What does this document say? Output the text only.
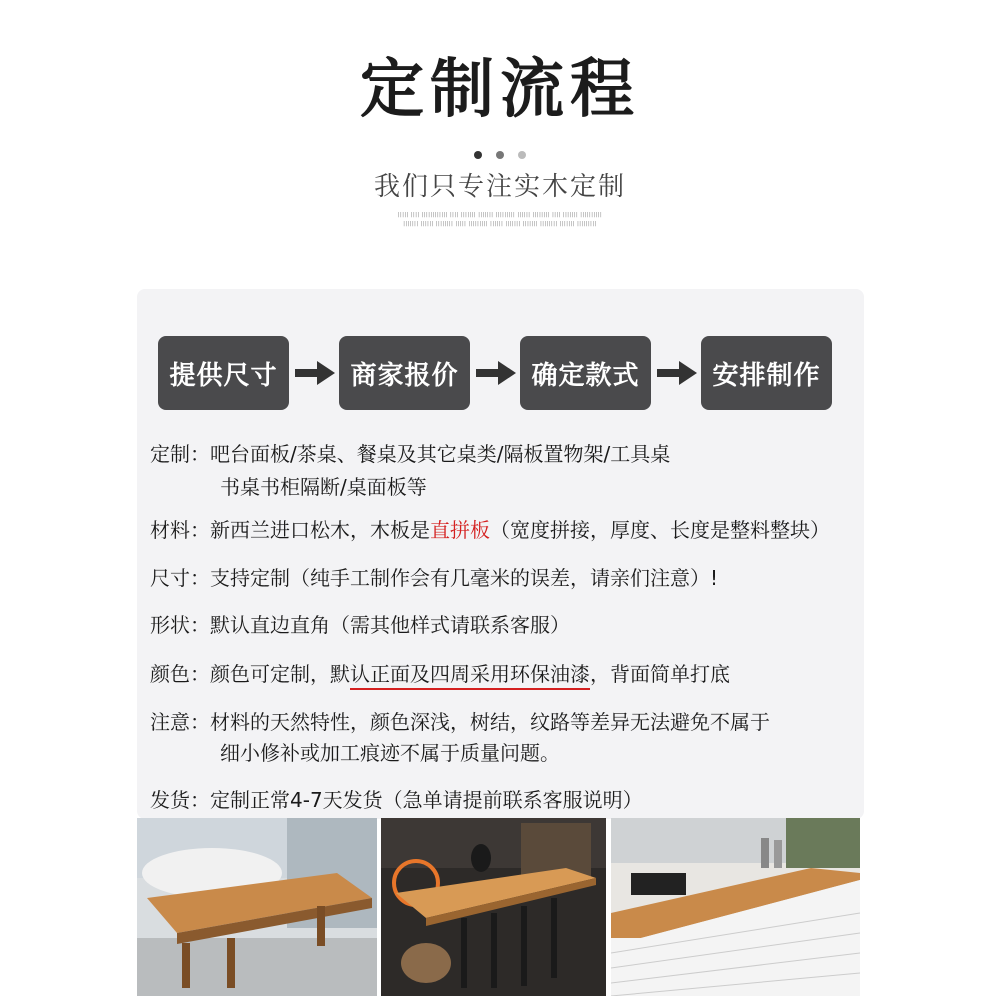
定制流程
我们只专注实木定制
||||| |||| |||||||||||| |||| ||||||| ||||||| ||||||||| |||||| |||||||| |||| ||||||| ||||||||||
||||||| |||||| |||||||| ||||| ||||||||| |||||| ||||||| ||||||| |||||||| ||||||| |||||||||
提供尺寸	商家报价	确定款式	安排制作
定制：吧台面板/茶桌、餐桌及其它桌类/隔板置物架/工具桌
书桌书柜隔断/桌面板等
材料：新西兰进口松木，木板是直拼板（宽度拼接，厚度、长度是整料整块）
尺寸：支持定制（纯手工制作会有几毫米的误差，请亲们注意）!
形状：默认直边直角（需其他样式请联系客服）
颜色：颜色可定制，默认正面及四周采用环保油漆，背面简单打底
注意：材料的天然特性，颜色深浅，树结，纹路等差异无法避免不属于
细小修补或加工痕迹不属于质量问题。
发货：定制正常4-7天发货（急单请提前联系客服说明）
